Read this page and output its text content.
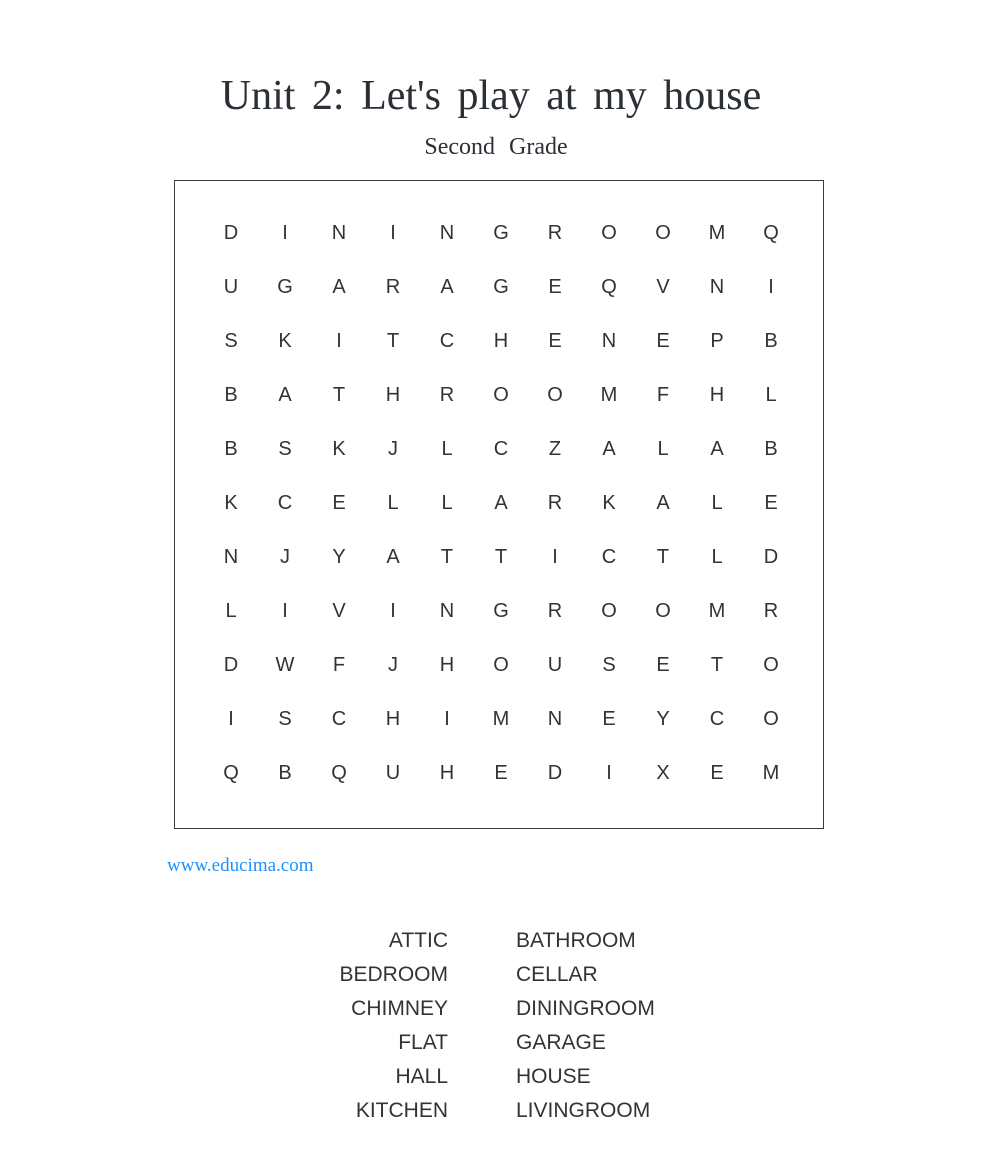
Unit 2: Let's play at my house
Second Grade
D	I	N	I	N	G	R	O	O	M	Q
U	G	A	R	A	G	E	Q	V	N	I
S	K	I	T	C	H	E	N	E	P	B
B	A	T	H	R	O	O	M	F	H	L
B	S	K	J	L	C	Z	A	L	A	B
K	C	E	L	L	A	R	K	A	L	E
N	J	Y	A	T	T	I	C	T	L	D
L	I	V	I	N	G	R	O	O	M	R
D	W	F	J	H	O	U	S	E	T	O
I	S	C	H	I	M	N	E	Y	C	O
Q	B	Q	U	H	E	D	I	X	E	M
www.educima.com
ATTIC	BATHROOM
BEDROOM	CELLAR
CHIMNEY	DININGROOM
FLAT	GARAGE
HALL	HOUSE
KITCHEN	LIVINGROOM
